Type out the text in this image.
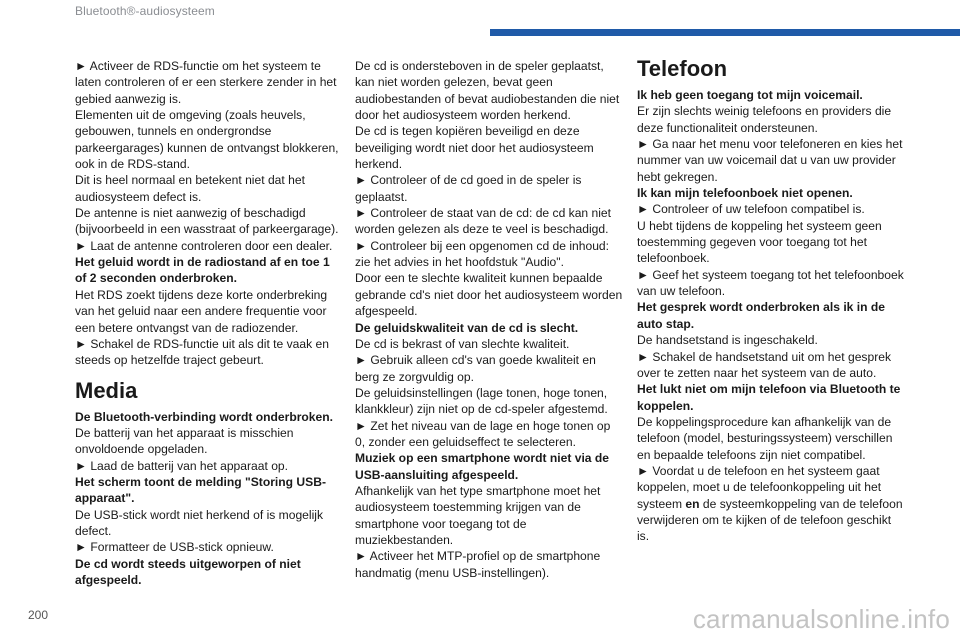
Bluetooth®-audiosysteem

► Activeer de RDS-functie om het systeem te laten controleren of er een sterkere zender in het gebied aanwezig is.

Elementen uit de omgeving (zoals heuvels, gebouwen, tunnels en ondergrondse parkeergarages) kunnen de ontvangst blokkeren, ook in de RDS-stand.

Dit is heel normaal en betekent niet dat het audiosysteem defect is.

De antenne is niet aanwezig of beschadigd (bijvoorbeeld in een wasstraat of parkeergarage).

► Laat de antenne controleren door een dealer.

Het geluid wordt in de radiostand af en toe 1 of 2 seconden onderbroken.

Het RDS zoekt tijdens deze korte onderbreking van het geluid naar een andere frequentie voor een betere ontvangst van de radiozender.

► Schakel de RDS-functie uit als dit te vaak en steeds op hetzelfde traject gebeurt.

Media

De Bluetooth-verbinding wordt onderbroken.

De batterij van het apparaat is misschien onvoldoende opgeladen.

► Laad de batterij van het apparaat op.

Het scherm toont de melding "Storing USB-apparaat".

De USB-stick wordt niet herkend of is mogelijk defect.

► Formatteer de USB-stick opnieuw.

De cd wordt steeds uitgeworpen of niet afgespeeld.

De cd is ondersteboven in de speler geplaatst, kan niet worden gelezen, bevat geen audiobestanden of bevat audiobestanden die niet door het audiosysteem worden herkend.

De cd is tegen kopiëren beveiligd en deze beveiliging wordt niet door het audiosysteem herkend.

► Controleer of de cd goed in de speler is geplaatst.

► Controleer de staat van de cd: de cd kan niet worden gelezen als deze te veel is beschadigd.

► Controleer bij een opgenomen cd de inhoud: zie het advies in het hoofdstuk "Audio".

Door een te slechte kwaliteit kunnen bepaalde gebrande cd's niet door het audiosysteem worden afgespeeld.

De geluidskwaliteit van de cd is slecht.

De cd is bekrast of van slechte kwaliteit.

► Gebruik alleen cd's van goede kwaliteit en berg ze zorgvuldig op.

De geluidsinstellingen (lage tonen, hoge tonen, klankkleur) zijn niet op de cd-speler afgestemd.

► Zet het niveau van de lage en hoge tonen op 0, zonder een geluidseffect te selecteren.

Muziek op een smartphone wordt niet via de USB-aansluiting afgespeeld.

Afhankelijk van het type smartphone moet het audiosysteem toestemming krijgen van de smartphone voor toegang tot de muziekbestanden.

► Activeer het MTP-profiel op de smartphone handmatig (menu USB-instellingen).

Telefoon

Ik heb geen toegang tot mijn voicemail.

Er zijn slechts weinig telefoons en providers die deze functionaliteit ondersteunen.

► Ga naar het menu voor telefoneren en kies het nummer van uw voicemail dat u van uw provider hebt gekregen.

Ik kan mijn telefoonboek niet openen.

► Controleer of uw telefoon compatibel is.

U hebt tijdens de koppeling het systeem geen toestemming gegeven voor toegang tot het telefoonboek.

► Geef het systeem toegang tot het telefoonboek van uw telefoon.

Het gesprek wordt onderbroken als ik in de auto stap.

De handsetstand is ingeschakeld.

► Schakel de handsetstand uit om het gesprek over te zetten naar het systeem van de auto.

Het lukt niet om mijn telefoon via Bluetooth te koppelen.

De koppelingsprocedure kan afhankelijk van de telefoon (model, besturingssysteem) verschillen en bepaalde telefoons zijn niet compatibel.

► Voordat u de telefoon en het systeem gaat koppelen, moet u de telefoonkoppeling uit het systeem en de systeemkoppeling van de telefoon verwijderen om te kijken of de telefoon geschikt is.

200	carmanualsonline.info
